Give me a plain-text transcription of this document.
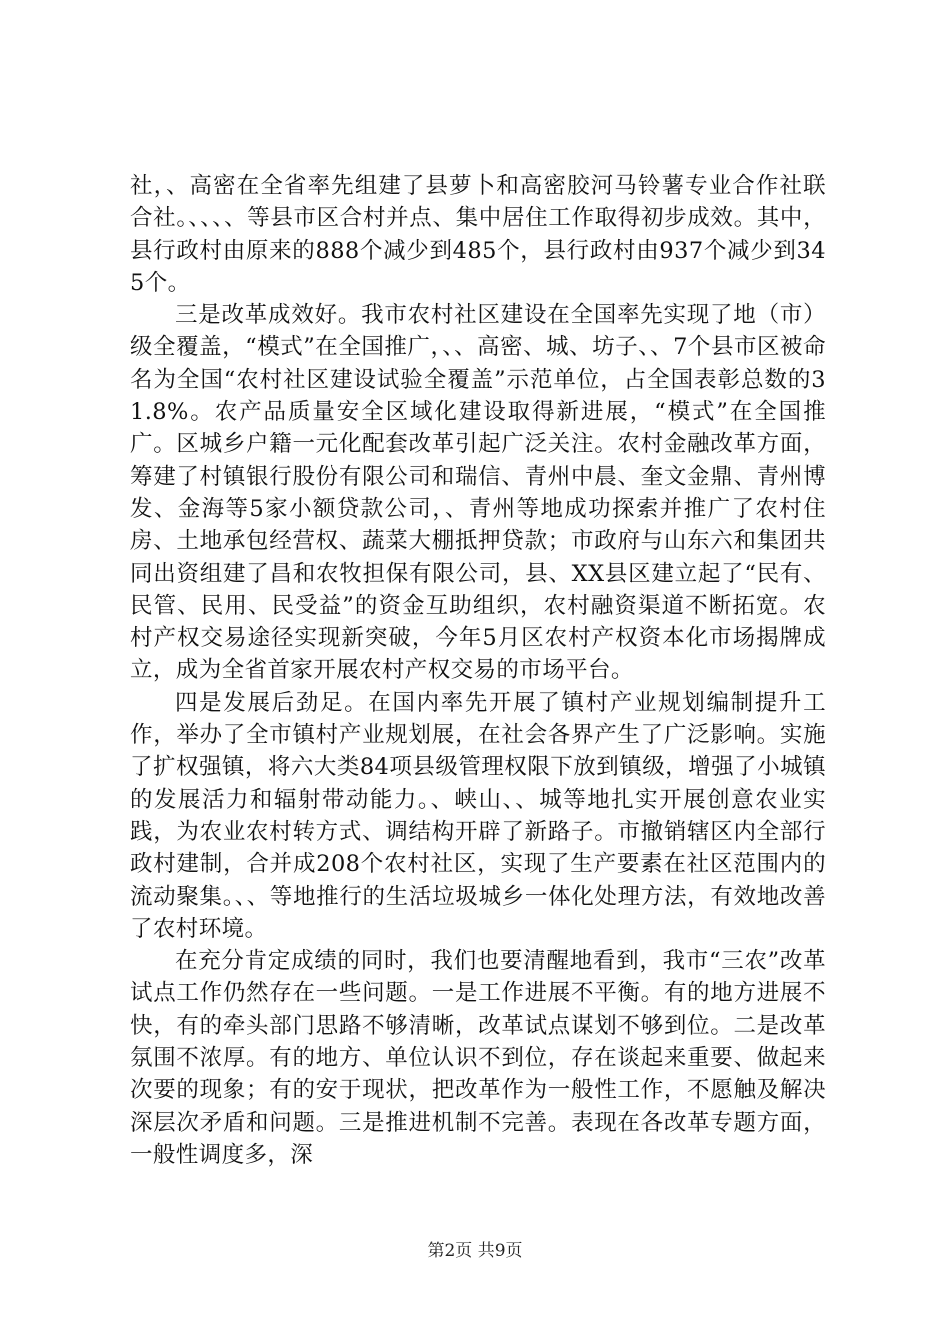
社，、高密在全省率先组建了县萝卜和高密胶河马铃薯专业合作社联合社。、、、、等县市区合村并点、集中居住工作取得初步成效。其中，县行政村由原来的888个减少到485个，县行政村由937个减少到345个。

三是改革成效好。我市农村社区建设在全国率先实现了地（市）级全覆盖，“模式”在全国推广，、、高密、城、坊子、、7个县市区被命名为全国“农村社区建设试验全覆盖”示范单位，占全国表彰总数的31.8%。农产品质量安全区域化建设取得新进展，“模式”在全国推广。区城乡户籍一元化配套改革引起广泛关注。农村金融改革方面，筹建了村镇银行股份有限公司和瑞信、青州中晨、奎文金鼎、青州博发、金海等5家小额贷款公司，、青州等地成功探索并推广了农村住房、土地承包经营权、蔬菜大棚抵押贷款；市政府与山东六和集团共同出资组建了昌和农牧担保有限公司，县、XX县区建立起了“民有、民管、民用、民受益”的资金互助组织，农村融资渠道不断拓宽。农村产权交易途径实现新突破，今年5月区农村产权资本化市场揭牌成立，成为全省首家开展农村产权交易的市场平台。

四是发展后劲足。在国内率先开展了镇村产业规划编制提升工作，举办了全市镇村产业规划展，在社会各界产生了广泛影响。实施了扩权强镇，将六大类84项县级管理权限下放到镇级，增强了小城镇的发展活力和辐射带动能力。、峡山、、城等地扎实开展创意农业实践，为农业农村转方式、调结构开辟了新路子。市撤销辖区内全部行政村建制，合并成208个农村社区，实现了生产要素在社区范围内的流动聚集。、、等地推行的生活垃圾城乡一体化处理方法，有效地改善了农村环境。

在充分肯定成绩的同时，我们也要清醒地看到，我市“三农”改革试点工作仍然存在一些问题。一是工作进展不平衡。有的地方进展不快，有的牵头部门思路不够清晰，改革试点谋划不够到位。二是改革氛围不浓厚。有的地方、单位认识不到位，存在谈起来重要、做起来次要的现象；有的安于现状，把改革作为一般性工作，不愿触及解决深层次矛盾和问题。三是推进机制不完善。表现在各改革专题方面，一般性调度多，深

第2页 共9页
